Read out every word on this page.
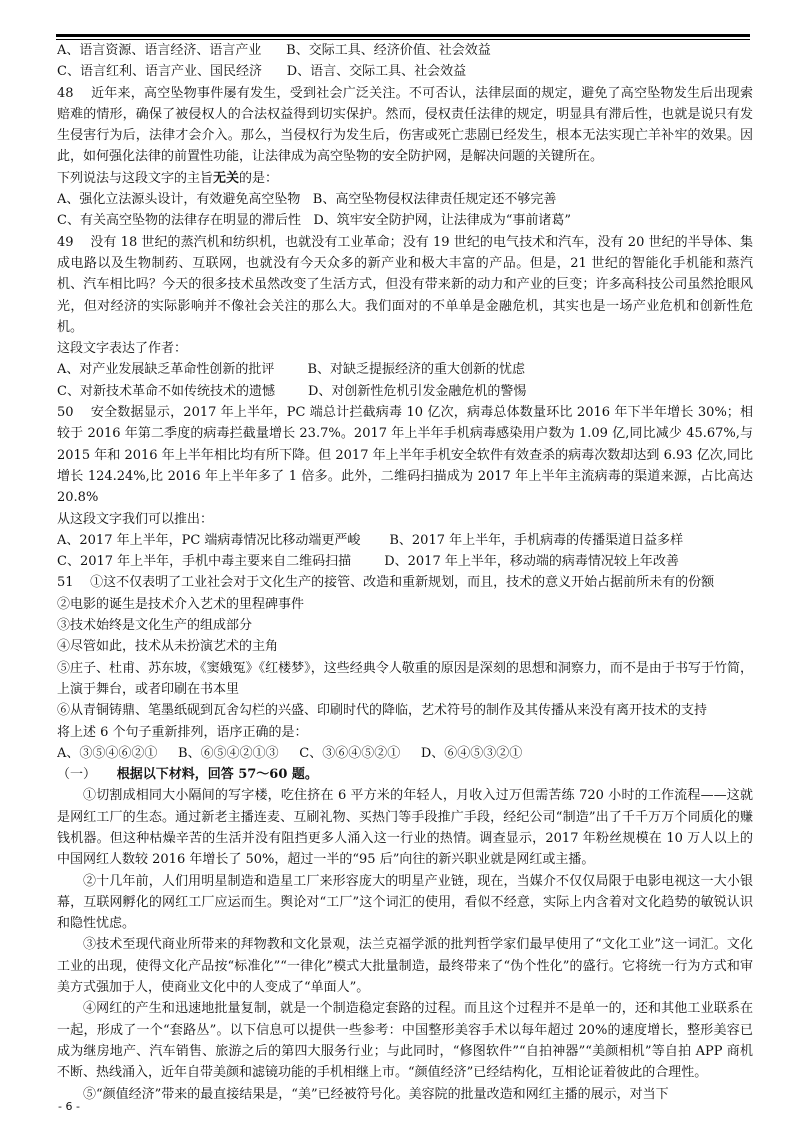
A、语言资源、语言经济、语言产业      B、交际工具、经济价值、社会效益
C、语言红利、语言产业、国民经济      D、语言、交际工具、社会效益

48 近年来，高空坠物事件屡有发生，受到社会广泛关注。不可否认，法律层面的规定，避免了高空坠物发生后出现索赔难的情形，确保了被侵权人的合法权益得到切实保护。然而，侵权责任法律的规定，明显具有滞后性，也就是说只有发生侵害行为后，法律才会介入。那么，当侵权行为发生后，伤害或死亡悲剧已经发生，根本无法实现亡羊补牢的效果。因此，如何强化法律的前置性功能，让法律成为高空坠物的安全防护网，是解决问题的关键所在。

下列说法与这段文字的主旨无关的是：
A、强化立法源头设计，有效避免高空坠物   B、高空坠物侵权法律责任规定还不够完善
C、有关高空坠物的法律存在明显的滞后性   D、筑牢安全防护网，让法律成为“事前诸葛”

49 没有 18 世纪的蒸汽机和纺织机，也就没有工业革命；没有 19 世纪的电气技术和汽车，没有 20 世纪的半导体、集成电路以及生物制药、互联网，也就没有今天众多的新产业和极大丰富的产品。但是，21 世纪的智能化手机能和蒸汽机、汽车相比吗？今天的很多技术虽然改变了生活方式，但没有带来新的动力和产业的巨变；许多高科技公司虽然抢眼风光，但对经济的实际影响并不像社会关注的那么大。我们面对的不单单是金融危机，其实也是一场产业危机和创新性危机。

这段文字表达了作者：
A、对产业发展缺乏革命性创新的批评        B、对缺乏提振经济的重大创新的忧虑
C、对新技术革命不如传统技术的遗憾        D、对创新性危机引发金融危机的警惕

50 安全数据显示，2017 年上半年，PC 端总计拦截病毒 10 亿次，病毒总体数量环比 2016 年下半年增长 30%；相较于 2016 年第二季度的病毒拦截量增长 23.7%。2017 年上半年手机病毒感染用户数为 1.09 亿,同比减少 45.67%,与 2015 年和 2016 年上半年相比均有所下降。但 2017 年上半年手机安全软件有效查杀的病毒次数却达到 6.93 亿次,同比增长 124.24%,比 2016 年上半年多了 1 倍多。此外，二维码扫描成为 2017 年上半年主流病毒的渠道来源，占比高达 20.8%

从这段文字我们可以推出：
A、2017 年上半年，PC 端病毒情况比移动端更严峻       B、2017 年上半年，手机病毒的传播渠道日益多样
C、2017 年上半年，手机中毒主要来自二维码扫描        D、2017 年上半年，移动端的病毒情况较上年改善

51 ①这不仅表明了工业社会对于文化生产的接管、改造和重新规划，而且，技术的意义开始占据前所未有的份额

②电影的诞生是技术介入艺术的里程碑事件
③技术始终是文化生产的组成部分
④尽管如此，技术从未扮演艺术的主角
⑤庄子、杜甫、苏东坡，《窦娥冤》《红楼梦》，这些经典令人敬重的原因是深刻的思想和洞察力，而不是由于书写于竹简，上演于舞台，或者印刷在书本里
⑥从青铜铸鼎、笔墨纸砚到瓦舍勾栏的兴盛、印刷时代的降临，艺术符号的制作及其传播从来没有离开技术的支持
将上述 6 个句子重新排列，语序正确的是：
A、③⑤④⑥②①     B、⑥⑤④②①③     C、③⑥④⑤②①     D、⑥④⑤③②①
（一） 根据以下材料，回答 57～60 题。

①切割成相同大小隔间的写字楼，吃住挤在 6 平方米的年轻人，月收入过万但需苦练 720 小时的工作流程——这就是网红工厂的生态。通过新老主播连麦、互刷礼物、买热门等手段推广手段，经纪公司“制造”出了千千万万个同质化的赚钱机器。但这种枯燥辛苦的生活并没有阻挡更多人涌入这一行业的热情。调查显示，2017 年粉丝规模在 10 万人以上的中国网红人数较 2016 年增长了 50%，超过一半的“95 后”向往的新兴职业就是网红或主播。

②十几年前，人们用明星制造和造星工厂来形容庞大的明星产业链，现在，当媒介不仅仅局限于电影电视这一大小银幕，互联网孵化的网红工厂应运而生。舆论对“工厂”这个词汇的使用，看似不经意，实际上内含着对文化趋势的敏锐认识和隐性忧虑。

③技术至现代商业所带来的拜物教和文化景观，法兰克福学派的批判哲学家们最早使用了“文化工业”这一词汇。文化工业的出现，使得文化产品按“标准化”“一律化”模式大批量制造，最终带来了“伪个性化”的盛行。它将统一行为方式和审美方式强加于人，使商业文化中的人变成了“单面人”。

④网红的产生和迅速地批量复制，就是一个制造稳定套路的过程。而且这个过程并不是单一的，还和其他工业联系在一起，形成了一个“套路丛”。以下信息可以提供一些参考：中国整形美容手术以每年超过 20%的速度增长，整形美容已成为继房地产、汽车销售、旅游之后的第四大服务行业；与此同时，“修图软件”“自拍神器”“美颜相机”等自拍 APP 商机不断、热线涌入，近年自带美颜和滤镜功能的手机相继上市。“颜值经济”已经结构化，互相论证着彼此的合理性。

⑤“颜值经济”带来的最直接结果是，“美”已经被符号化。美容院的批量改造和网红主播的展示，对当下

- 6 -
